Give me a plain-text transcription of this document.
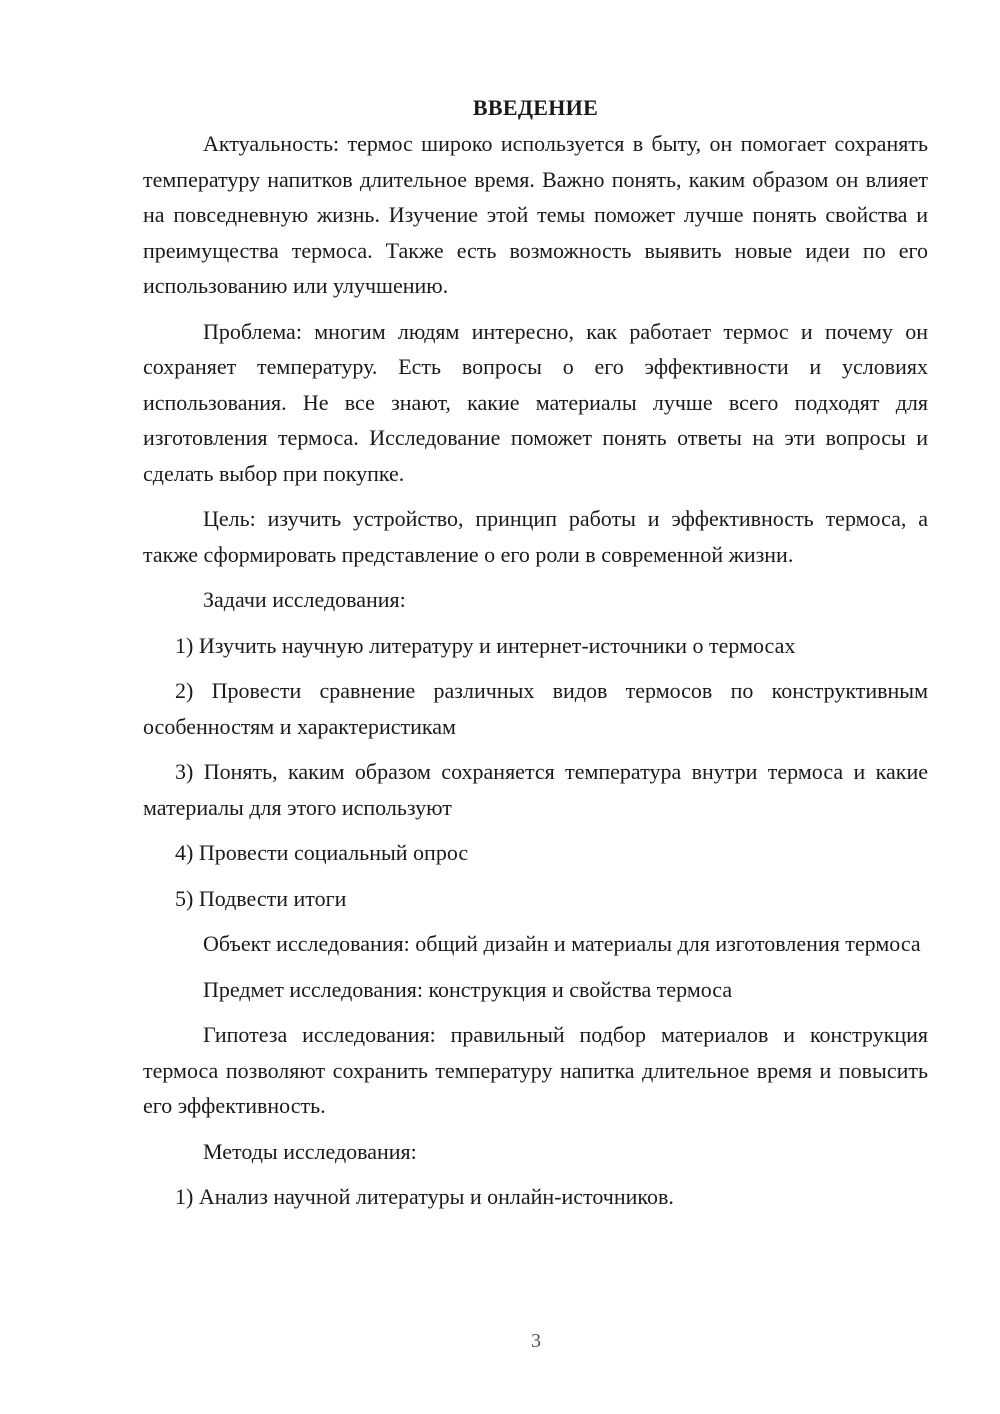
ВВЕДЕНИЕ

Актуальность: термос широко используется в быту, он помогает сохранять температуру напитков длительное время. Важно понять, каким образом он влияет на повседневную жизнь. Изучение этой темы поможет лучше понять свойства и преимущества термоса. Также есть возможность выявить новые идеи по его использованию или улучшению.

Проблема: многим людям интересно, как работает термос и почему он сохраняет температуру. Есть вопросы о его эффективности и условиях использования. Не все знают, какие материалы лучше всего подходят для изготовления термоса. Исследование поможет понять ответы на эти вопросы и сделать выбор при покупке.

Цель: изучить устройство, принцип работы и эффективность термоса, а также сформировать представление о его роли в современной жизни.

Задачи исследования:

1) Изучить научную литературу и интернет-источники о термосах

2) Провести сравнение различных видов термосов по конструктивным особенностям и характеристикам

3) Понять, каким образом сохраняется температура внутри термоса и какие материалы для этого используют

4) Провести социальный опрос

5) Подвести итоги

Объект исследования: общий дизайн и материалы для изготовления термоса

Предмет исследования: конструкция и свойства термоса

Гипотеза исследования: правильный подбор материалов и конструкция термоса позволяют сохранить температуру напитка длительное время и повысить его эффективность.

Методы исследования:

1) Анализ научной литературы и онлайн-источников.

3
